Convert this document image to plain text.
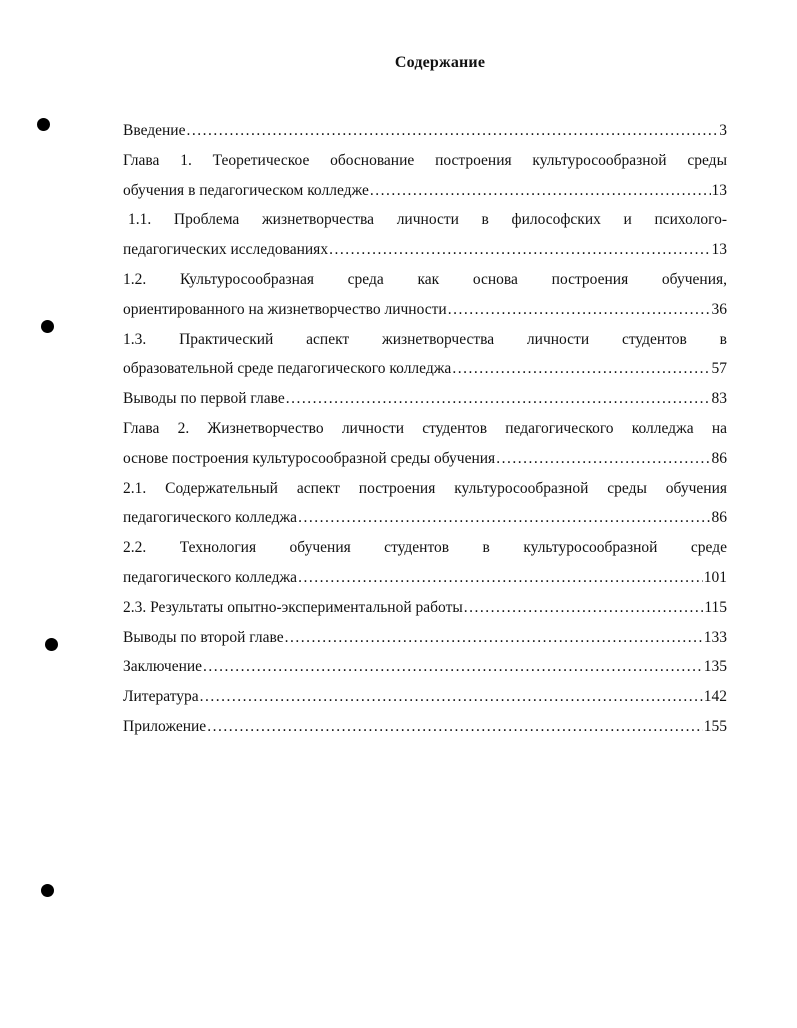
Содержание
Введение .....	3
Глава 1. Теоретическое обоснование построения культуросообразной среды
обучения в педагогическом колледже .....	13
1.1. Проблема жизнетворчества личности в философских и психолого-
педагогических исследованиях .....	13
1.2. Культуросообразная среда как основа построения обучения,
ориентированного на жизнетворчество личности .....	36
1.3. Практический аспект жизнетворчества личности студентов в
образовательной среде педагогического колледжа .....	57
Выводы по первой главе .....	83
Глава 2. Жизнетворчество личности студентов педагогического колледжа на
основе построения культуросообразной среды обучения .....	86
2.1. Содержательный аспект построения культуросообразной среды обучения
педагогического колледжа .....	86
2.2. Технология обучения студентов в культуросообразной среде
педагогического колледжа .....	101
2.3. Результаты опытно-экспериментальной работы .....	115
Выводы по второй главе .....	133
Заключение .....	135
Литература .....	142
Приложение .....	155
